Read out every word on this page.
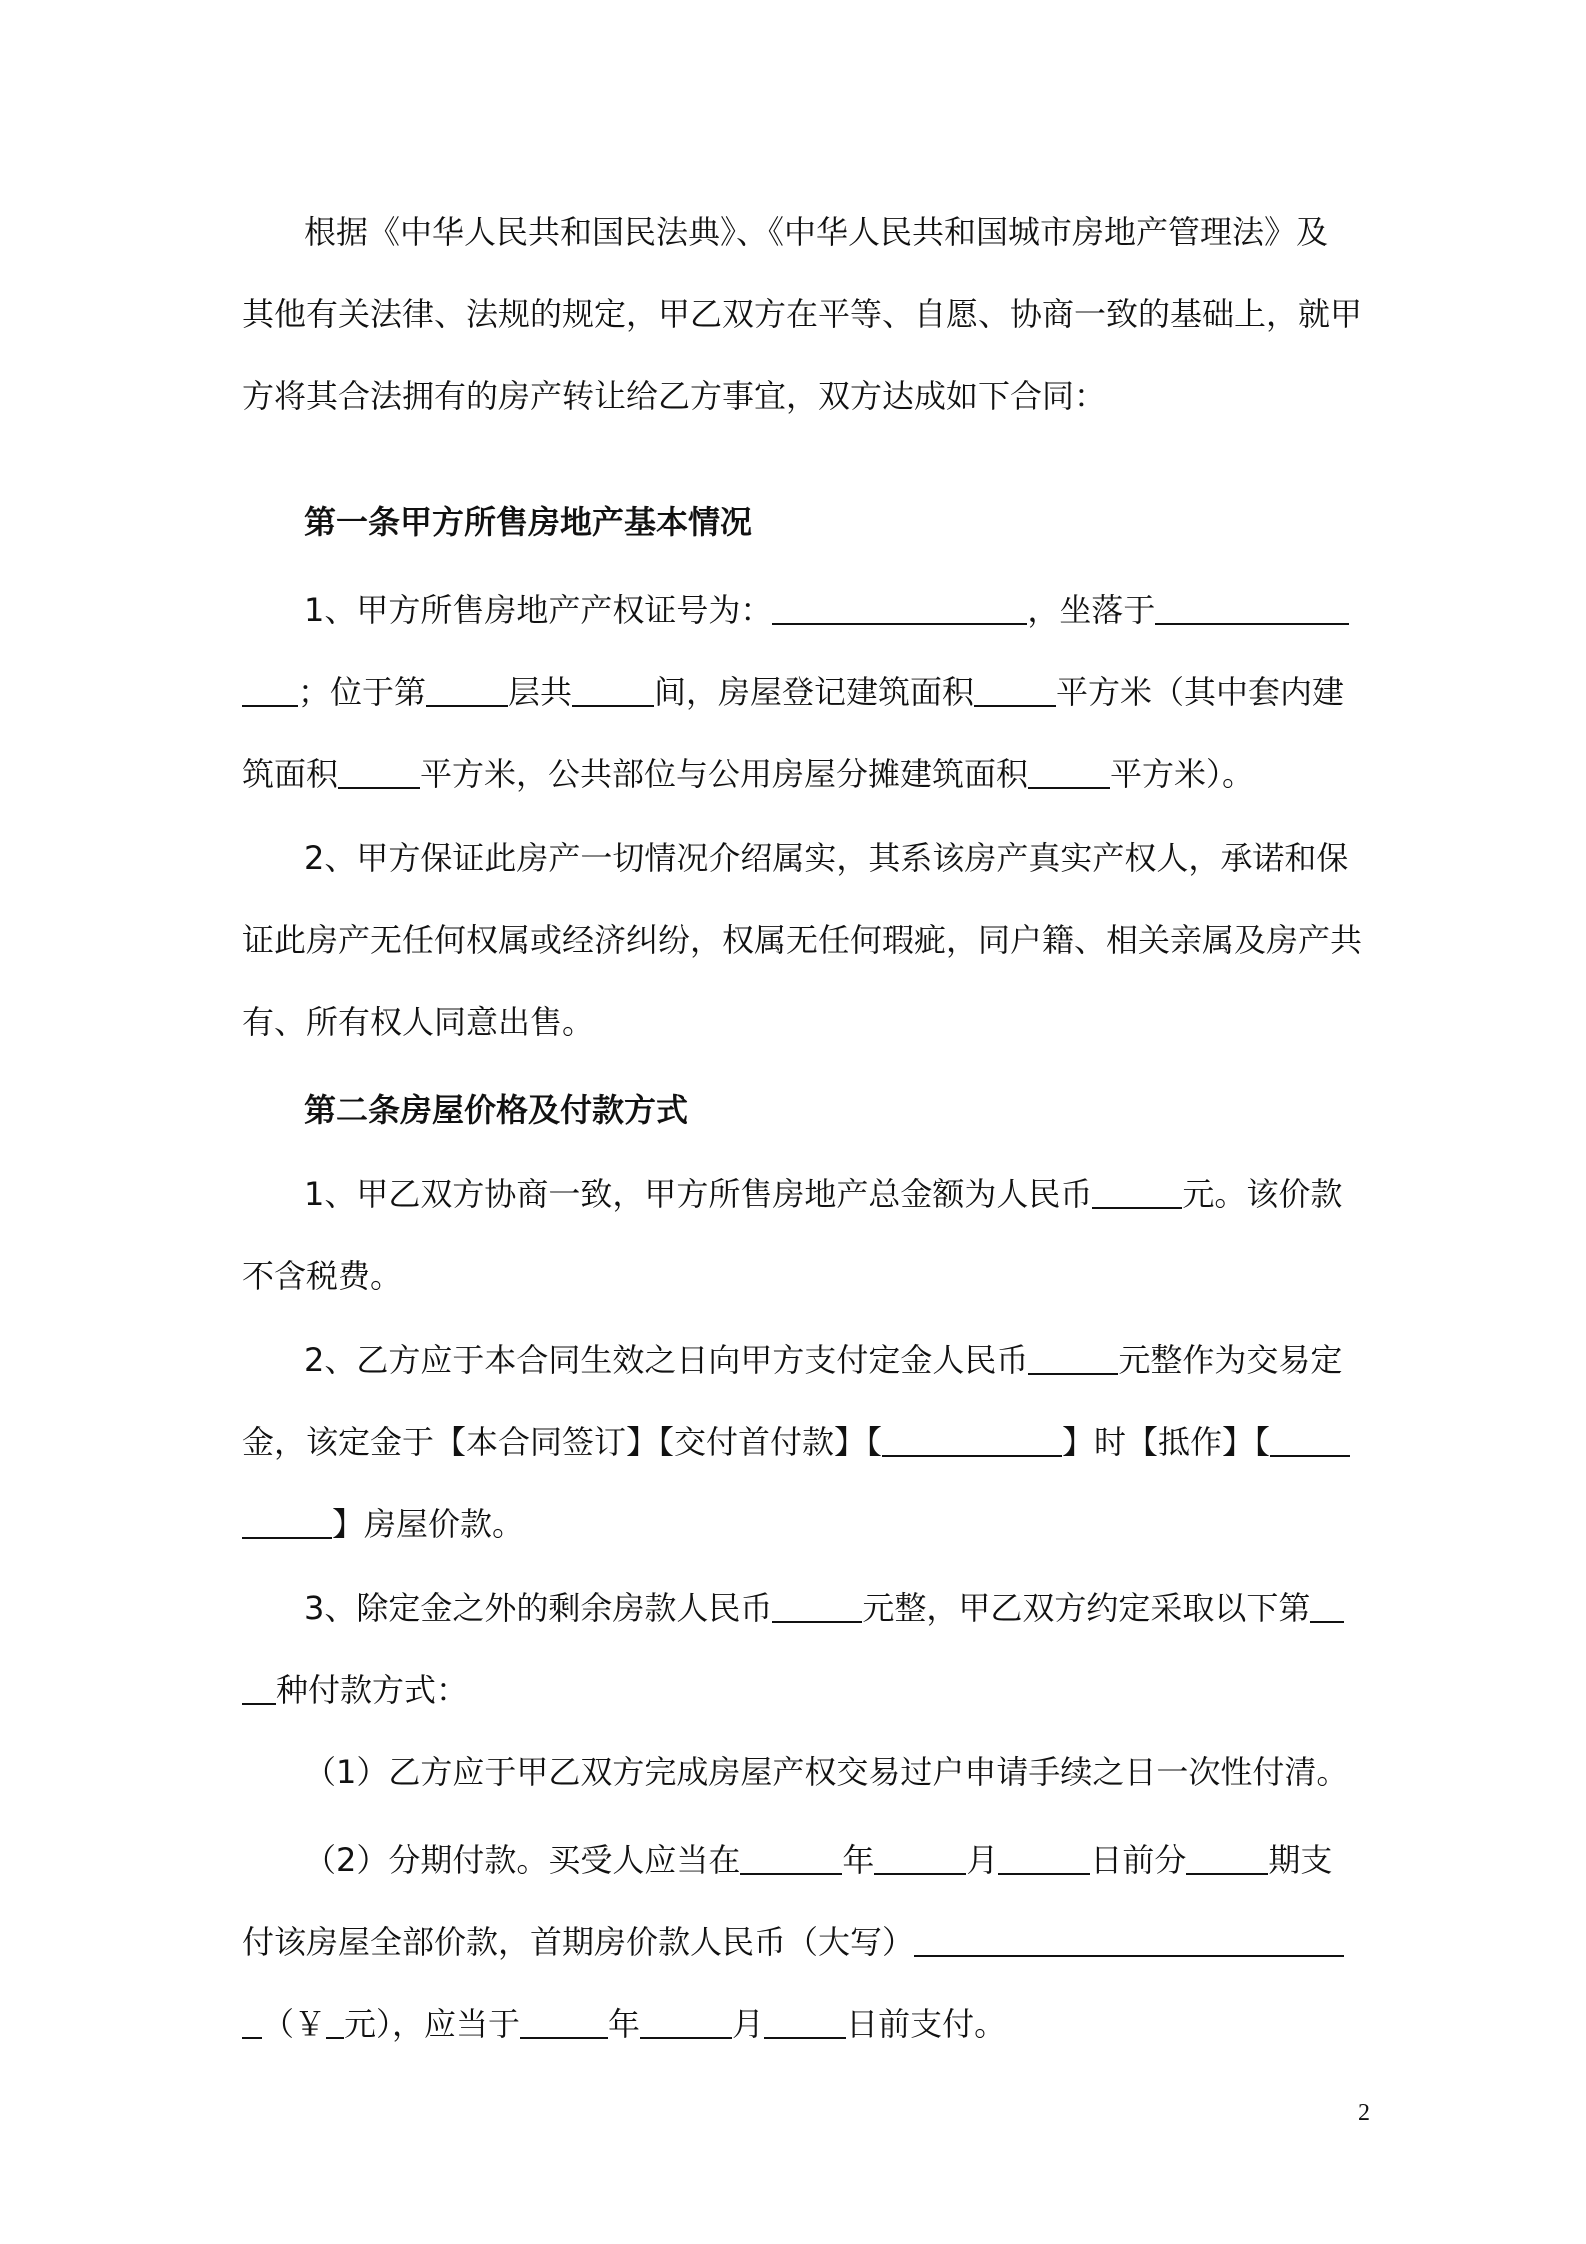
根据《中华人民共和国民法典》、《中华人民共和国城市房地产管理法》及
其他有关法律、法规的规定，甲乙双方在平等、自愿、协商一致的基础上，就甲
方将其合法拥有的房产转让给乙方事宜，双方达成如下合同：
第一条甲方所售房地产基本情况
1、甲方所售房地产产权证号为：	，坐落于
；位于第	层共	间，房屋登记建筑面积	平方米（其中套内建
筑面积	平方米，公共部位与公用房屋分摊建筑面积	平方米）。
2、甲方保证此房产一切情况介绍属实，其系该房产真实产权人，承诺和保
证此房产无任何权属或经济纠纷，权属无任何瑕疵，同户籍、相关亲属及房产共
有、所有权人同意出售。
第二条房屋价格及付款方式
1、甲乙双方协商一致，甲方所售房地产总金额为人民币	元。该价款
不含税费。
2、乙方应于本合同生效之日向甲方支付定金人民币	元整作为交易定
金，该定金于【本合同签订】【交付首付款】【	】时【抵作】【
】房屋价款。
3、除定金之外的剩余房款人民币	元整，甲乙双方约定采取以下第
种付款方式：
（1）乙方应于甲乙双方完成房屋产权交易过户申请手续之日一次性付清。
（2）分期付款。买受人应当在	年	月	日前分	期支
付该房屋全部价款，首期房价款人民币（大写）
（￥ 元），应当于	年	月	日前支付。
2
